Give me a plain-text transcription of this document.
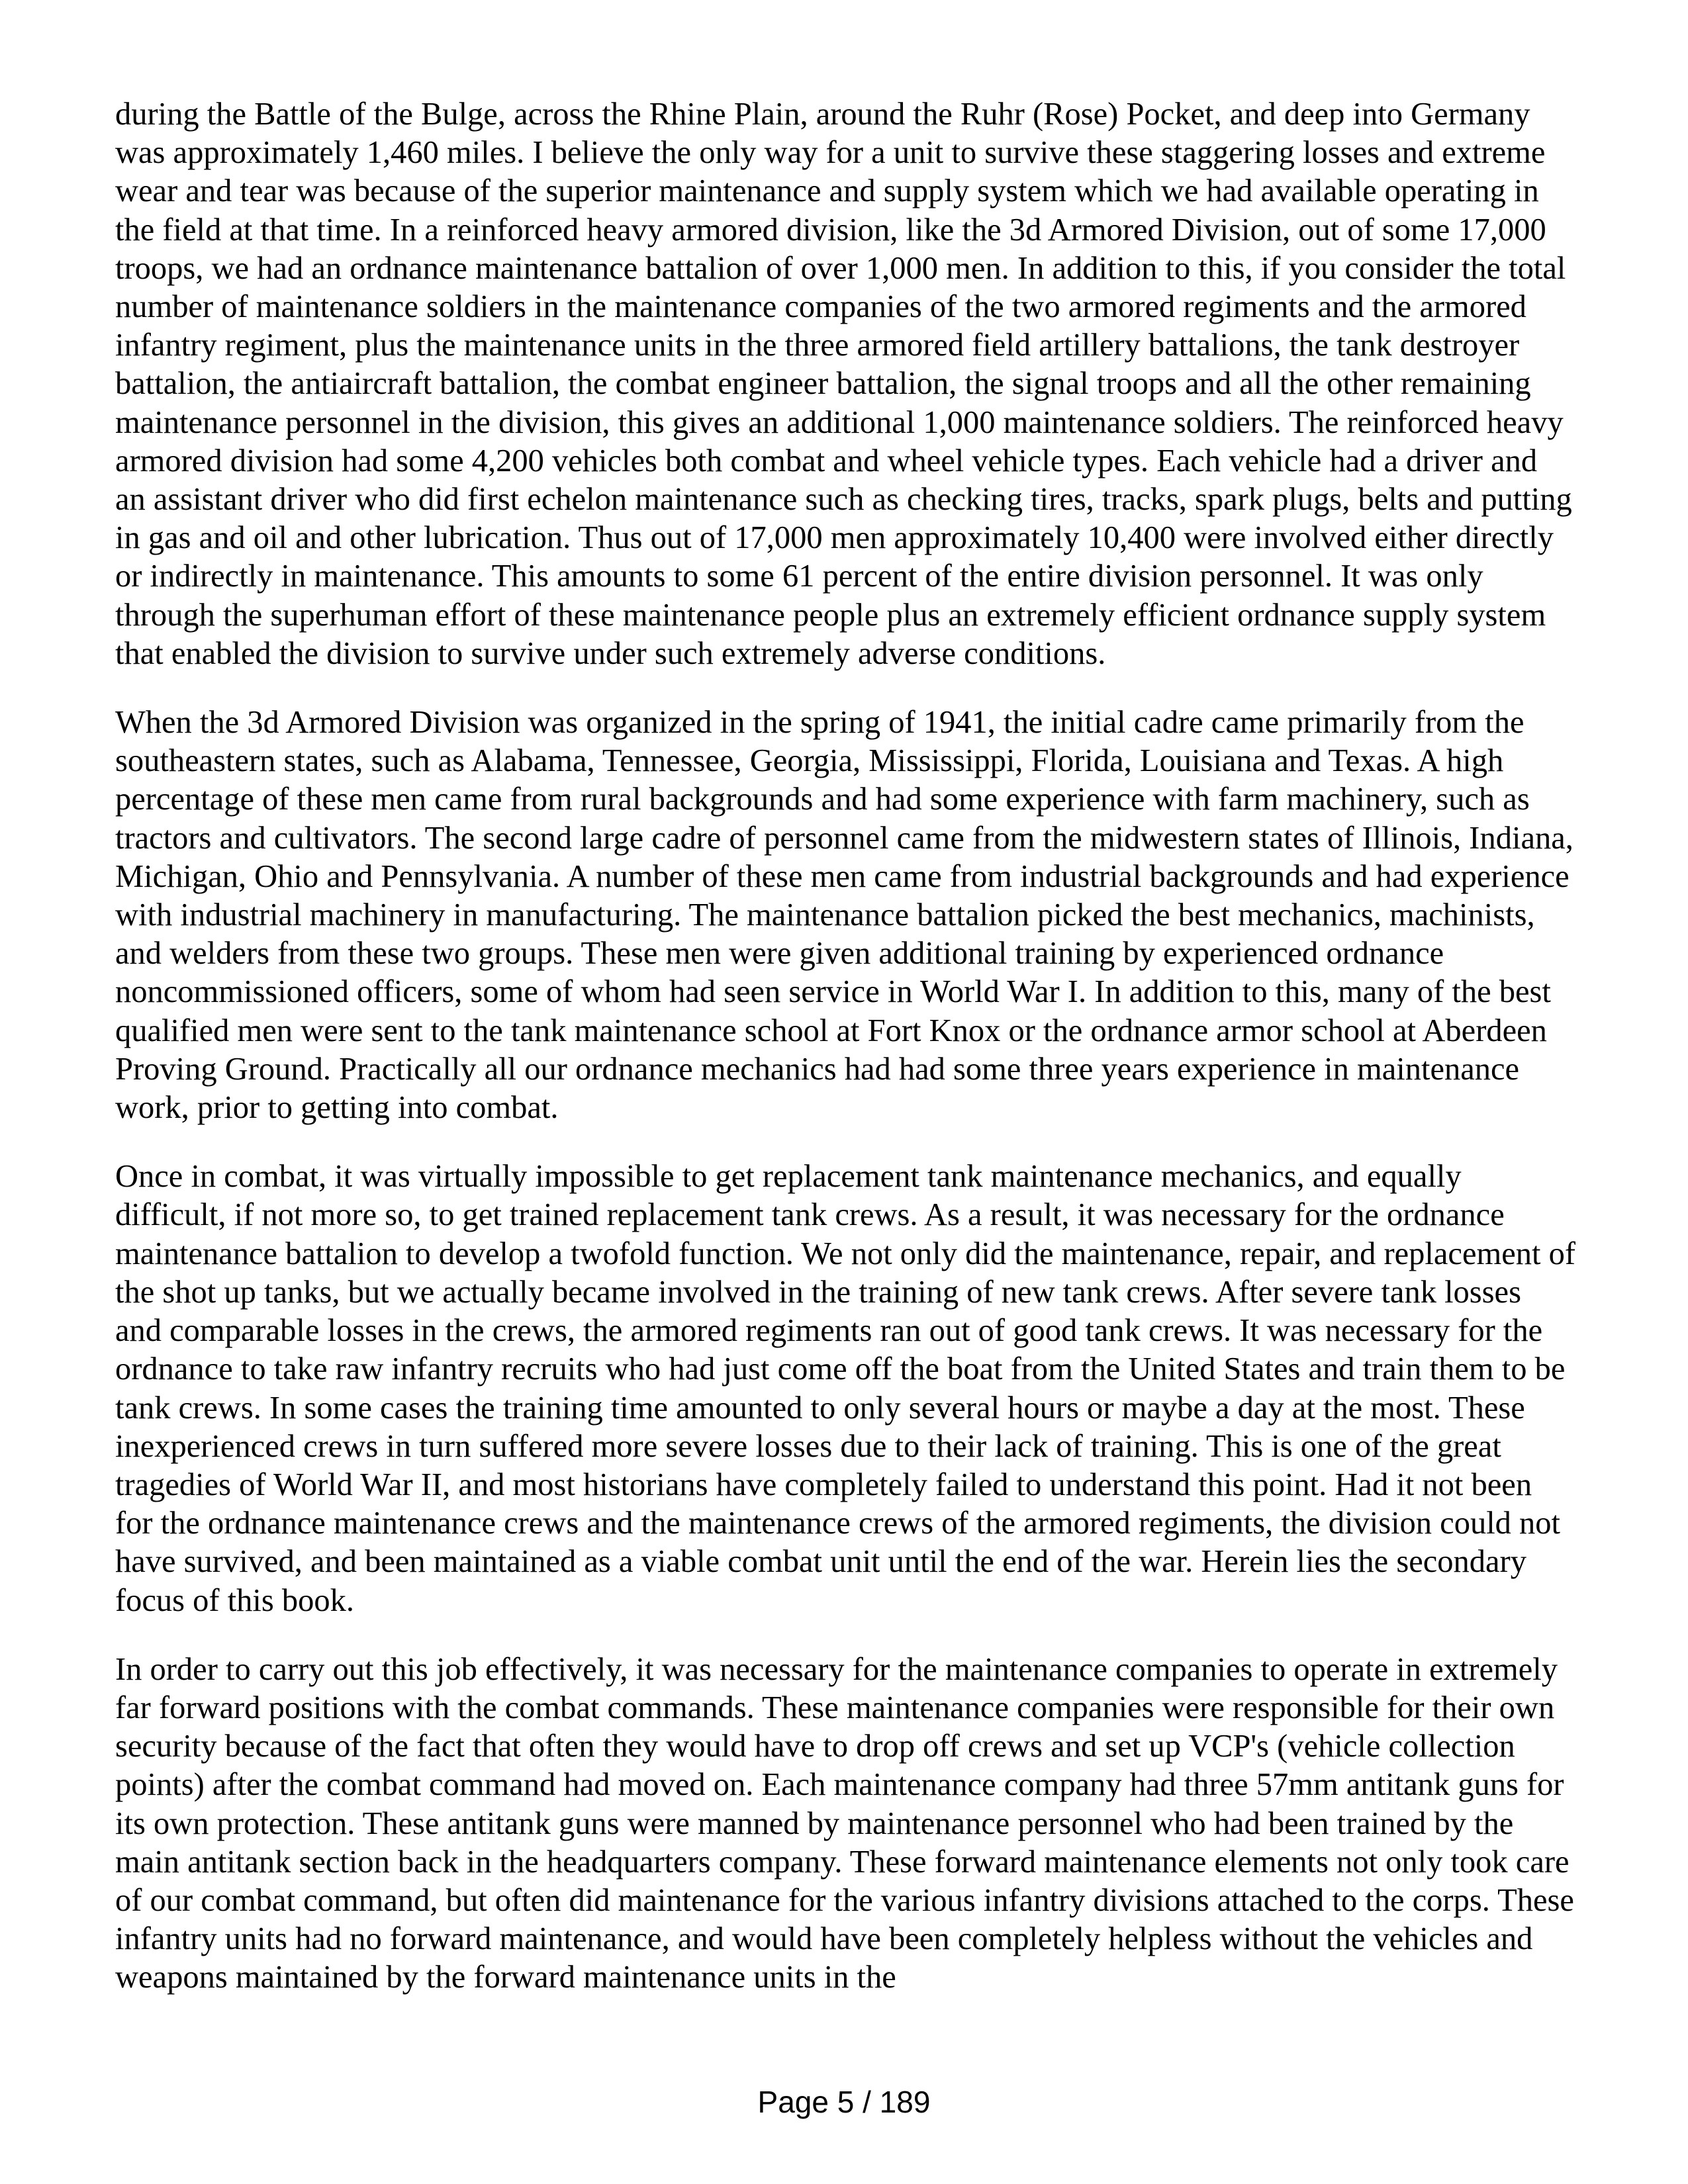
during the Battle of the Bulge, across the Rhine Plain, around the Ruhr (Rose) Pocket, and deep into Germany was approximately 1,460 miles. I believe the only way for a unit to survive these staggering losses and extreme wear and tear was because of the superior maintenance and supply system which we had available operating in the field at that time. In a reinforced heavy armored division, like the 3d Armored Division, out of some 17,000 troops, we had an ordnance maintenance battalion of over 1,000 men. In addition to this, if you consider the total number of maintenance soldiers in the maintenance companies of the two armored regiments and the armored infantry regiment, plus the maintenance units in the three armored field artillery battalions, the tank destroyer battalion, the antiaircraft battalion, the combat engineer battalion, the signal troops and all the other remaining maintenance personnel in the division, this gives an additional 1,000 maintenance soldiers. The reinforced heavy armored division had some 4,200 vehicles both combat and wheel vehicle types. Each vehicle had a driver and an assistant driver who did first echelon maintenance such as checking tires, tracks, spark plugs, belts and putting in gas and oil and other lubrication. Thus out of 17,000 men approximately 10,400 were involved either directly or indirectly in maintenance. This amounts to some 61 percent of the entire division personnel. It was only through the superhuman effort of these maintenance people plus an extremely efficient ordnance supply system that enabled the division to survive under such extremely adverse conditions.

When the 3d Armored Division was organized in the spring of 1941, the initial cadre came primarily from the southeastern states, such as Alabama, Tennessee, Georgia, Mississippi, Florida, Louisiana and Texas. A high percentage of these men came from rural backgrounds and had some experience with farm machinery, such as tractors and cultivators. The second large cadre of personnel came from the midwestern states of Illinois, Indiana, Michigan, Ohio and Pennsylvania. A number of these men came from industrial backgrounds and had experience with industrial machinery in manufacturing. The maintenance battalion picked the best mechanics, machinists, and welders from these two groups. These men were given additional training by experienced ordnance noncommissioned officers, some of whom had seen service in World War I. In addition to this, many of the best qualified men were sent to the tank maintenance school at Fort Knox or the ordnance armor school at Aberdeen Proving Ground. Practically all our ordnance mechanics had had some three years experience in maintenance work, prior to getting into combat.

Once in combat, it was virtually impossible to get replacement tank maintenance mechanics, and equally difficult, if not more so, to get trained replacement tank crews. As a result, it was necessary for the ordnance maintenance battalion to develop a twofold function. We not only did the maintenance, repair, and replacement of the shot up tanks, but we actually became involved in the training of new tank crews. After severe tank losses and comparable losses in the crews, the armored regiments ran out of good tank crews. It was necessary for the ordnance to take raw infantry recruits who had just come off the boat from the United States and train them to be tank crews. In some cases the training time amounted to only several hours or maybe a day at the most. These inexperienced crews in turn suffered more severe losses due to their lack of training. This is one of the great tragedies of World War II, and most historians have completely failed to understand this point. Had it not been for the ordnance maintenance crews and the maintenance crews of the armored regiments, the division could not have survived, and been maintained as a viable combat unit until the end of the war. Herein lies the secondary focus of this book.

In order to carry out this job effectively, it was necessary for the maintenance companies to operate in extremely far forward positions with the combat commands. These maintenance companies were responsible for their own security because of the fact that often they would have to drop off crews and set up VCP's (vehicle collection points) after the combat command had moved on. Each maintenance company had three 57mm antitank guns for its own protection. These antitank guns were manned by maintenance personnel who had been trained by the main antitank section back in the headquarters company. These forward maintenance elements not only took care of our combat command, but often did maintenance for the various infantry divisions attached to the corps. These infantry units had no forward maintenance, and would have been completely helpless without the vehicles and weapons maintained by the forward maintenance units in the

Page 5 / 189
